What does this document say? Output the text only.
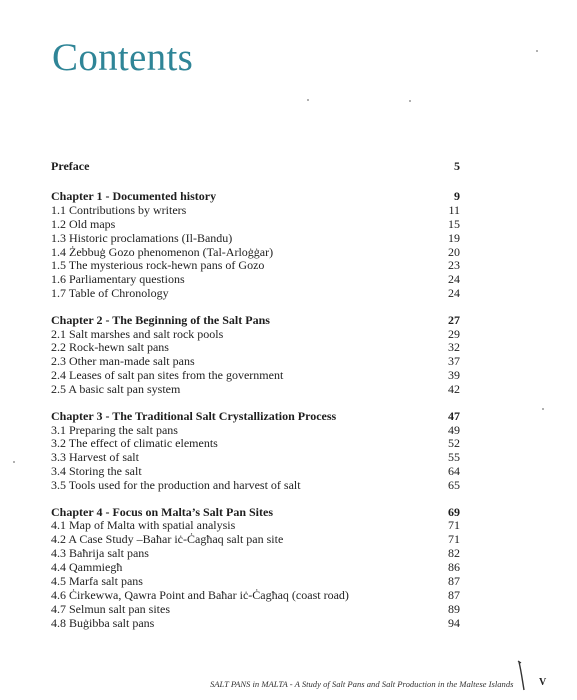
Contents
Preface	5
Chapter 1 - Documented history	9
1.1 Contributions by writers	11
1.2 Old maps	15
1.3 Historic proclamations (Il-Bandu)	19
1.4 Żebbuġ Gozo phenomenon (Tal-Arloġġar)	20
1.5 The mysterious rock-hewn pans of Gozo	23
1.6 Parliamentary questions	24
1.7 Table of Chronology	24
Chapter 2 - The Beginning of the Salt Pans	27
2.1 Salt marshes and salt rock pools	29
2.2 Rock-hewn salt pans	32
2.3 Other man-made salt pans	37
2.4 Leases of salt pan sites from the government	39
2.5 A basic salt pan system	42
Chapter 3 - The Traditional Salt Crystallization Process	47
3.1 Preparing the salt pans	49
3.2 The effect of climatic elements	52
3.3 Harvest of salt	55
3.4 Storing the salt	64
3.5 Tools used for the production and harvest of salt	65
Chapter 4 - Focus on Malta’s Salt Pan Sites	69
4.1 Map of Malta with spatial analysis	71
4.2 A Case Study –Baħar iċ-Ċagħaq salt pan site	71
4.3 Baħrija salt pans	82
4.4 Qammiegħ	86
4.5 Marfa salt pans	87
4.6 Ċirkewwa, Qawra Point and Baħar iċ-Ċagħaq (coast road)	87
4.7 Selmun salt pan sites	89
4.8 Buġibba salt pans	94
SALT PANS in MALTA - A Study of Salt Pans and Salt Production in the Maltese Islands	V
